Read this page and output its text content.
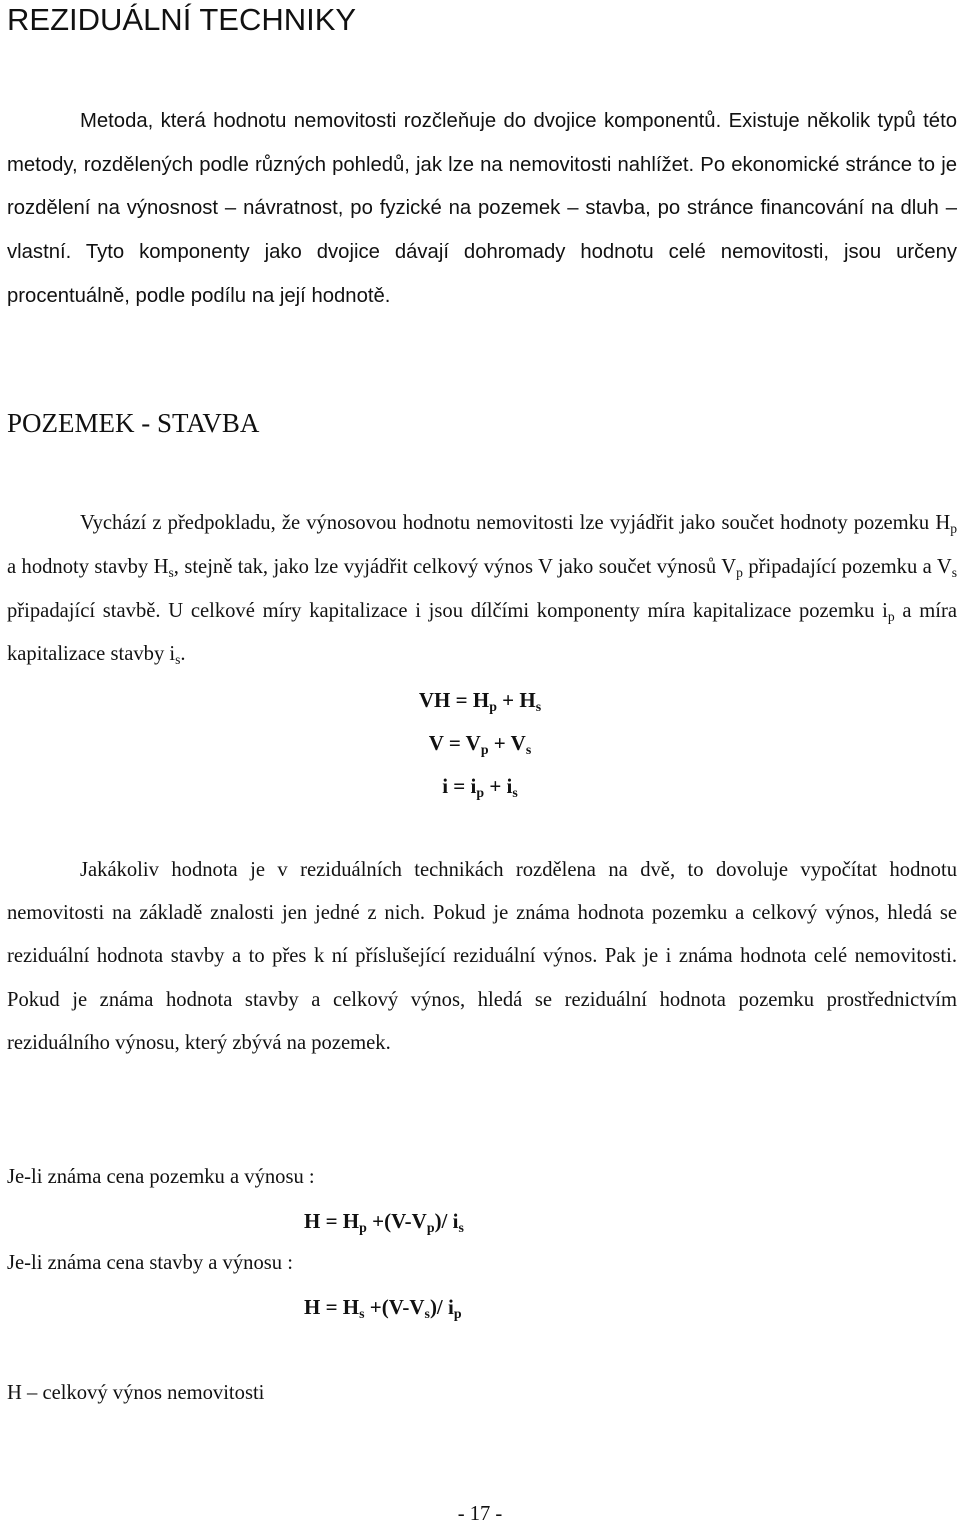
REZIDUÁLNÍ TECHNIKY

Metoda, která hodnotu nemovitosti rozčleňuje do dvojice komponentů. Existuje několik typů této metody, rozdělených podle různých pohledů, jak lze na nemovitosti nahlížet. Po ekonomické stránce to je rozdělení na výnosnost – návratnost, po fyzické na pozemek – stavba, po stránce financování na dluh – vlastní. Tyto komponenty jako dvojice dávají dohromady hodnotu celé nemovitosti, jsou určeny procentuálně, podle podílu na její hodnotě.

POZEMEK - STAVBA

Vychází z předpokladu, že výnosovou hodnotu nemovitosti lze vyjádřit jako součet hodnoty pozemku $H_p$ a hodnoty stavby $H_s$, stejně tak, jako lze vyjádřit celkový výnos V jako součet výnosů $V_p$ připadající pozemku a $V_s$ připadající stavbě. U celkové míry kapitalizace i jsou dílčími komponenty míra kapitalizace pozemku $i_p$ a míra kapitalizace stavby $i_s$.

VH = $H_p + H_s$
$V = V_p + V_s$
$i = i_p + i_s$

Jakákoliv hodnota je v reziduálních technikách rozdělena na dvě, to dovoluje vypočítat hodnotu nemovitosti na základě znalosti jen jedné z nich. Pokud je známa hodnota pozemku a celkový výnos, hledá se reziduální hodnota stavby a to přes k ní příslušející reziduální výnos. Pak je i známa hodnota celé nemovitosti. Pokud je známa hodnota stavby a celkový výnos, hledá se reziduální hodnota pozemku prostřednictvím reziduálního výnosu, který zbývá na pozemek.

Je-li známa cena pozemku a výnosu :
$H = H_p +(V-V_p)/$ $i_s$
Je-li známa cena stavby a výnosu :
$H = H_s +(V-V_s)/$ $i_p$
H – celkový výnos nemovitosti
- 17 -
